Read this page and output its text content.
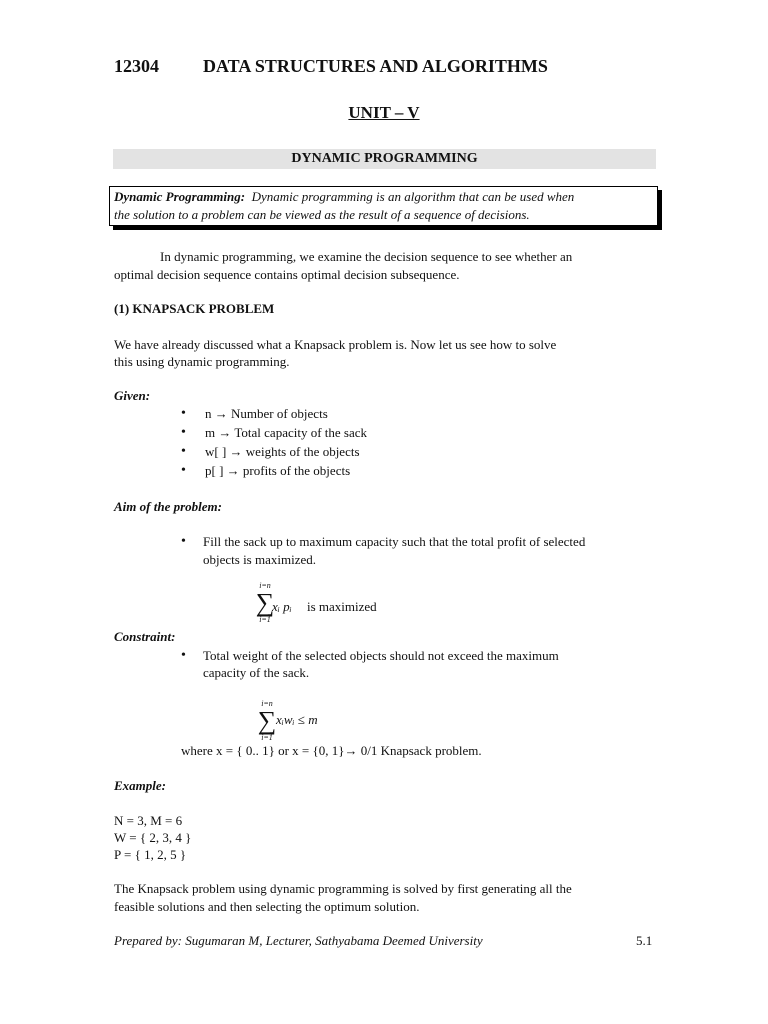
12304 DATA STRUCTURES AND ALGORITHMS
UNIT – V
DYNAMIC PROGRAMMING
Dynamic Programming: Dynamic programming is an algorithm that can be used when
the solution to a problem can be viewed as the result of a sequence of decisions.
In dynamic programming, we examine the decision sequence to see whether an
optimal decision sequence contains optimal decision subsequence.
(1) KNAPSACK PROBLEM
We have already discussed what a Knapsack problem is. Now let us see how to solve
this using dynamic programming.
Given:
• n → Number of objects
• m → Total capacity of the sack
• w[ ] → weights of the objects
• p[ ] → profits of the objects
Aim of the problem:
• Fill the sack up to maximum capacity such that the total profit of selected
objects is maximized.
i=n
∑
i=1
xᵢ pᵢ is maximized
Constraint:
• Total weight of the selected objects should not exceed the maximum
capacity of the sack.
i=n
∑
i=1
xᵢwᵢ ≤ m
where x = { 0.. 1} or x = {0, 1}→ 0/1 Knapsack problem.
Example:
N = 3, M = 6
W = { 2, 3, 4 }
P = { 1, 2, 5 }
The Knapsack problem using dynamic programming is solved by first generating all the
feasible solutions and then selecting the optimum solution.
Prepared by: Sugumaran M, Lecturer, Sathyabama Deemed University	5.1
